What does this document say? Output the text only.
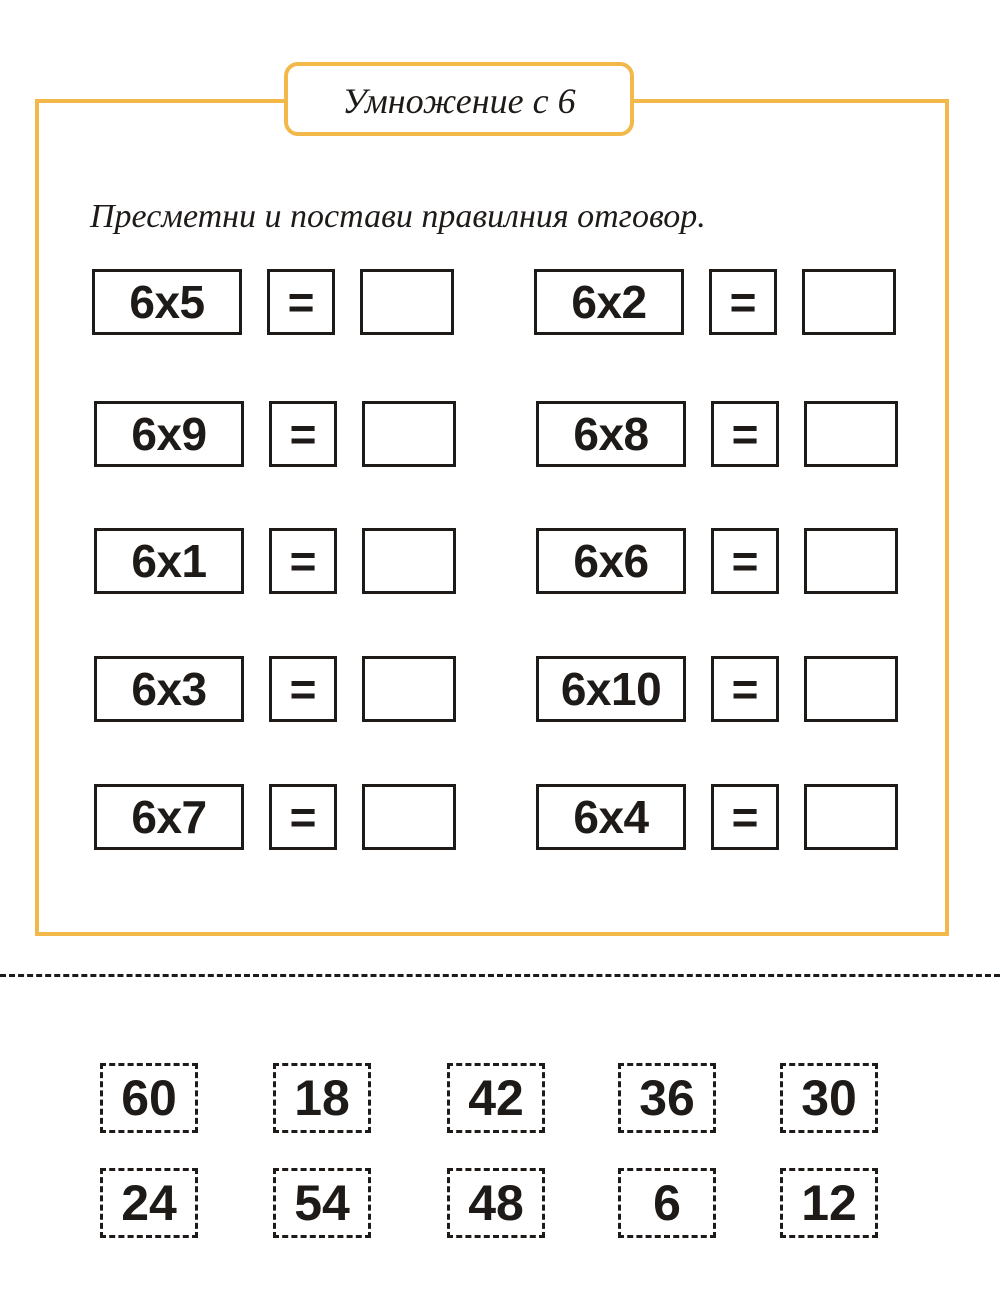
Умножение с 6
Пресметни и постави правилния отговор.
6x5	=
6x9	=
6x1	=
6x3	=
6x7	=
6x2	=
6x8	=
6x6	=
6x10	=
6x4	=
60	18	42	36	30
24	54	48	6	12
